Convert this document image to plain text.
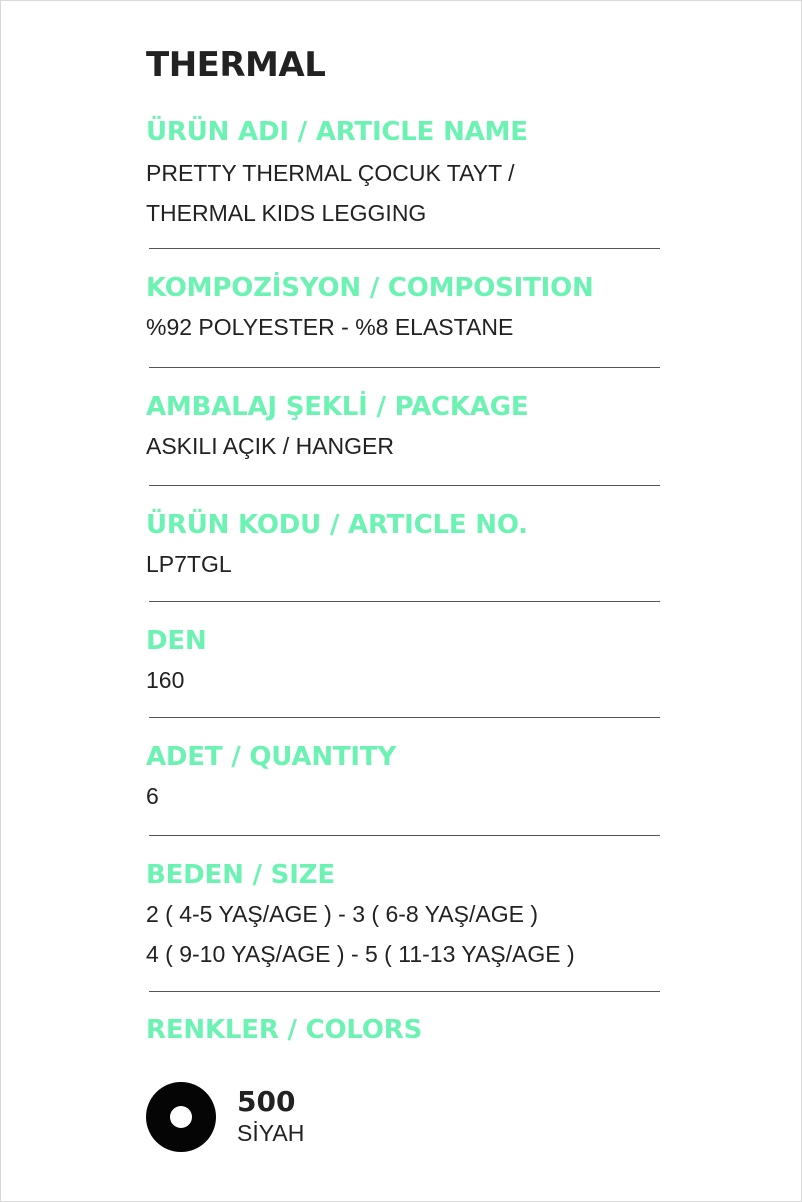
THERMAL
ÜRÜN ADI / ARTICLE NAME
PRETTY THERMAL ÇOCUK TAYT /
THERMAL KIDS LEGGING
KOMPOZİSYON / COMPOSITION
%92 POLYESTER - %8 ELASTANE
AMBALAJ ŞEKLİ / PACKAGE
ASKILI AÇIK / HANGER
ÜRÜN KODU / ARTICLE NO.
LP7TGL
DEN
160
ADET / QUANTITY
6
BEDEN / SIZE
2 ( 4-5 YAŞ/AGE ) - 3 ( 6-8 YAŞ/AGE )
4 ( 9-10 YAŞ/AGE ) - 5 ( 11-13 YAŞ/AGE )
RENKLER / COLORS
500
SİYAH
